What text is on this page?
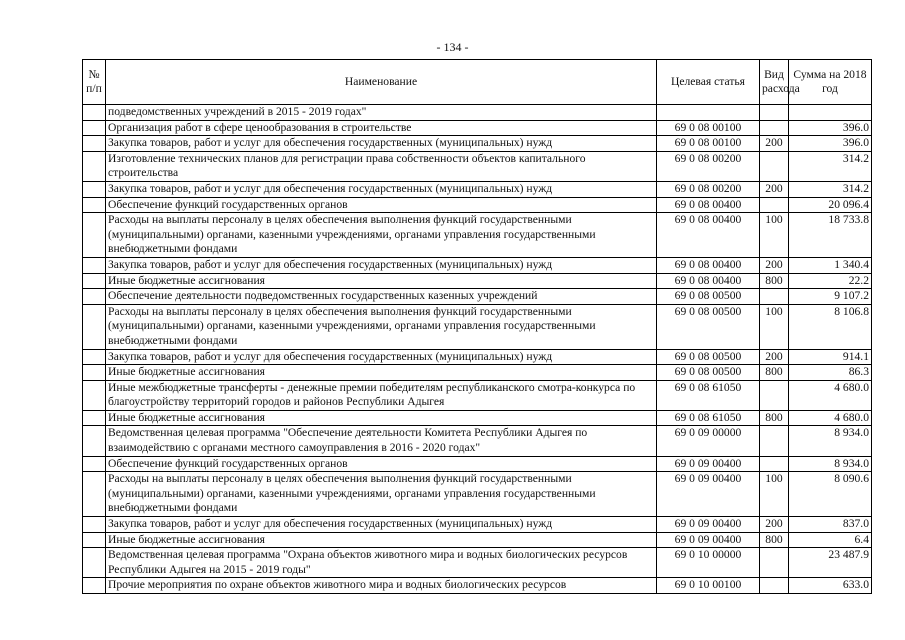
- 134 -
№ п/п	Наименование	Целевая статья	Вид расхода	Сумма на 2018 год
	подведомственных учреждений в 2015 - 2019 годах"			
	Организация работ в сфере ценообразования в строительстве	69 0 08 00100		396.0
	Закупка товаров, работ и услуг для обеспечения государственных (муниципальных) нужд	69 0 08 00100	200	396.0
	Изготовление технических планов для регистрации права собственности объектов капитального строительства	69 0 08 00200		314.2
	Закупка товаров, работ и услуг для обеспечения государственных (муниципальных) нужд	69 0 08 00200	200	314.2
	Обеспечение функций государственных органов	69 0 08 00400		20 096.4
	Расходы на выплаты персоналу в целях обеспечения выполнения функций государственными (муниципальными) органами, казенными учреждениями, органами управления государственными внебюджетными фондами	69 0 08 00400	100	18 733.8
	Закупка товаров, работ и услуг для обеспечения государственных (муниципальных) нужд	69 0 08 00400	200	1 340.4
	Иные бюджетные ассигнования	69 0 08 00400	800	22.2
	Обеспечение деятельности подведомственных государственных казенных учреждений	69 0 08 00500		9 107.2
	Расходы на выплаты персоналу в целях обеспечения выполнения функций государственными (муниципальными) органами, казенными учреждениями, органами управления государственными внебюджетными фондами	69 0 08 00500	100	8 106.8
	Закупка товаров, работ и услуг для обеспечения государственных (муниципальных) нужд	69 0 08 00500	200	914.1
	Иные бюджетные ассигнования	69 0 08 00500	800	86.3
	Иные межбюджетные трансферты - денежные премии победителям республиканского смотра-конкурса по благоустройству территорий городов и районов Республики Адыгея	69 0 08 61050		4 680.0
	Иные бюджетные ассигнования	69 0 08 61050	800	4 680.0
	Ведомственная целевая программа "Обеспечение деятельности Комитета Республики Адыгея по взаимодействию с органами местного самоуправления в 2016 - 2020 годах"	69 0 09 00000		8 934.0
	Обеспечение функций государственных органов	69 0 09 00400		8 934.0
	Расходы на выплаты персоналу в целях обеспечения выполнения функций государственными (муниципальными) органами, казенными учреждениями, органами управления государственными внебюджетными фондами	69 0 09 00400	100	8 090.6
	Закупка товаров, работ и услуг для обеспечения государственных (муниципальных) нужд	69 0 09 00400	200	837.0
	Иные бюджетные ассигнования	69 0 09 00400	800	6.4
	Ведомственная целевая программа "Охрана объектов животного мира и водных биологических ресурсов Республики Адыгея на 2015 - 2019 годы"	69 0 10 00000		23 487.9
	Прочие мероприятия по охране объектов животного мира и водных биологических ресурсов	69 0 10 00100		633.0
